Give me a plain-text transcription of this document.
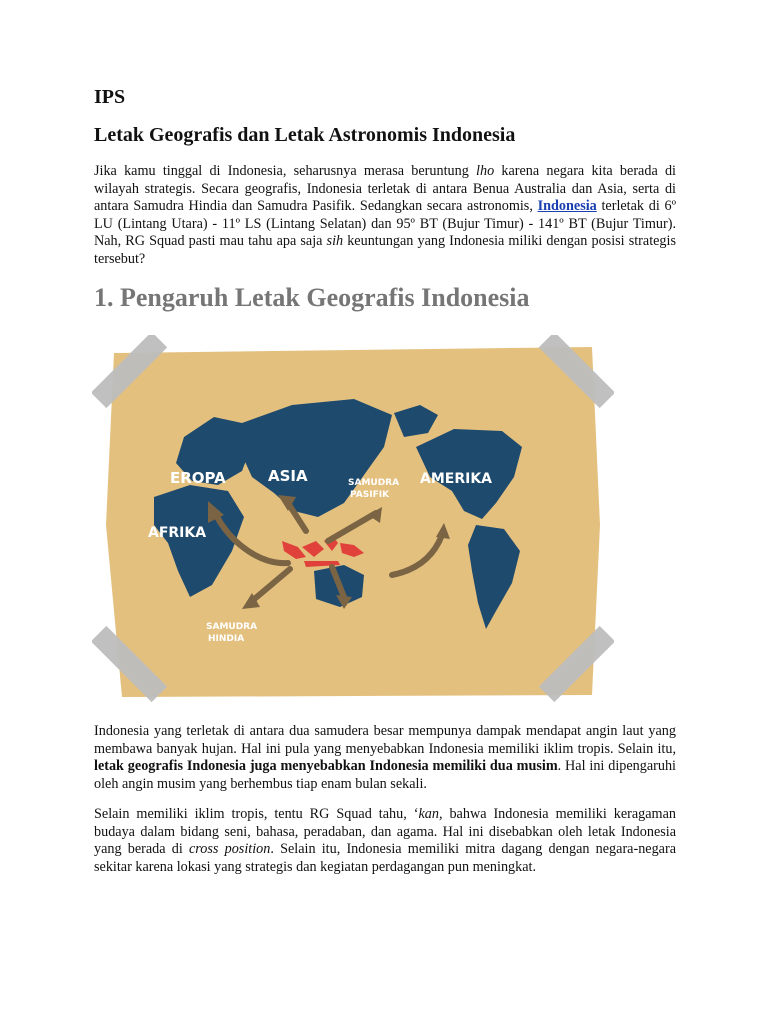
IPS
Letak Geografis dan Letak Astronomis Indonesia

Jika kamu tinggal di Indonesia, seharusnya merasa beruntung lho karena negara kita berada di wilayah strategis. Secara geografis, Indonesia terletak di antara Benua Australia dan Asia, serta di antara Samudra Hindia dan Samudra Pasifik. Sedangkan secara astronomis, Indonesia terletak di 6º LU (Lintang Utara) - 11º LS (Lintang Selatan) dan 95º BT (Bujur Timur) - 141º BT (Bujur Timur). Nah, RG Squad pasti mau tahu apa saja sih keuntungan yang Indonesia miliki dengan posisi strategis tersebut?

1. Pengaruh Letak Geografis Indonesia
EROPA	ASIA
AFRIKA
AMERIKA
SAMUDRA
PASIFIK
SAMUDRA
HINDIA

Indonesia yang terletak di antara dua samudera besar mempunya dampak mendapat angin laut yang membawa banyak hujan. Hal ini pula yang menyebabkan Indonesia memiliki iklim tropis. Selain itu, letak geografis Indonesia juga menyebabkan Indonesia memiliki dua musim. Hal ini dipengaruhi oleh angin musim yang berhembus tiap enam bulan sekali.

Selain memiliki iklim tropis, tentu RG Squad tahu, ‘kan, bahwa Indonesia memiliki keragaman budaya dalam bidang seni, bahasa, peradaban, dan agama. Hal ini disebabkan oleh letak Indonesia yang berada di cross position. Selain itu, Indonesia memiliki mitra dagang dengan negara-negara sekitar karena lokasi yang strategis dan kegiatan perdagangan pun meningkat.
